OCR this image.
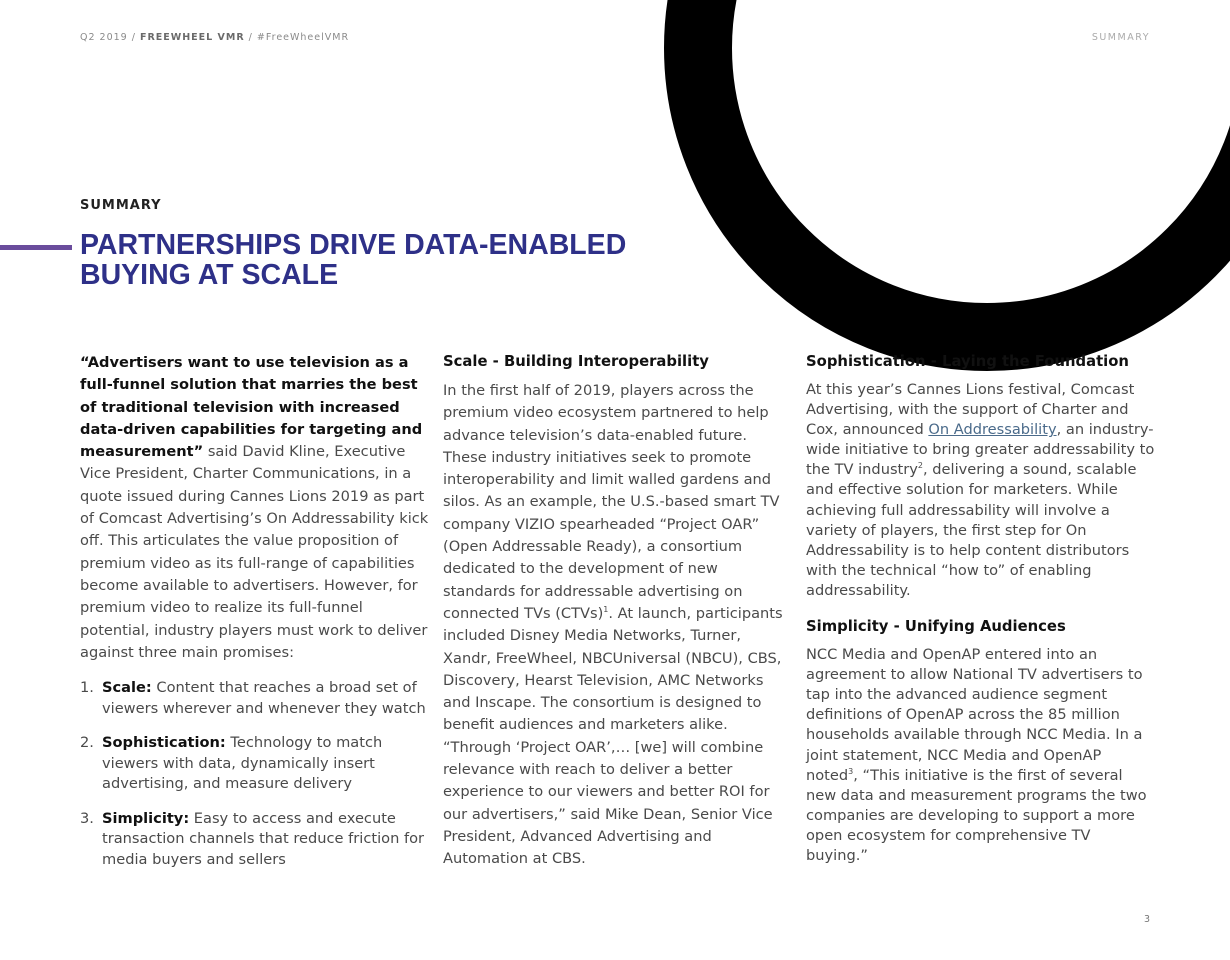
Q2 2019 / FREEWHEEL VMR / #FreeWheelVMR	SUMMARY
SUMMARY
PARTNERSHIPS DRIVE DATA-ENABLED BUYING AT SCALE

“Advertisers want to use television as a full-funnel solution that marries the best of traditional television with increased data-driven capabilities for targeting and measurement” said David Kline, Executive Vice President, Charter Communications, in a quote issued during Cannes Lions 2019 as part of Comcast Advertising’s On Addressability kick off. This articulates the value proposition of premium video as its full-range of capabilities become available to advertisers. However, for premium video to realize its full-funnel potential, industry players must work to deliver against three main promises:

1. Scale: Content that reaches a broad set of viewers wherever and whenever they watch
2. Sophistication: Technology to match viewers with data, dynamically insert advertising, and measure delivery
3. Simplicity: Easy to access and execute transaction channels that reduce friction for media buyers and sellers
Scale - Building Interoperability

In the first half of 2019, players across the premium video ecosystem partnered to help advance television’s data-enabled future. These industry initiatives seek to promote interoperability and limit walled gardens and silos. As an example, the U.S.-based smart TV company VIZIO spearheaded “Project OAR” (Open Addressable Ready), a consortium dedicated to the development of new standards for addressable advertising on connected TVs (CTVs)$^1$. At launch, participants included Disney Media Networks, Turner, Xandr, FreeWheel, NBCUniversal (NBCU), CBS, Discovery, Hearst Television, AMC Networks and Inscape. The consortium is designed to benefit audiences and marketers alike. “Through ‘Project OAR’,… [we] will combine relevance with reach to deliver a better experience to our viewers and better ROI for our advertisers,” said Mike Dean, Senior Vice President, Advanced Advertising and Automation at CBS.

Sophistication - Laying the Foundation

At this year’s Cannes Lions festival, Comcast Advertising, with the support of Charter and Cox, announced On Addressability, an industry-wide initiative to bring greater addressability to the TV industry$^2$, delivering a sound, scalable and effective solution for marketers. While achieving full addressability will involve a variety of players, the first step for On Addressability is to help content distributors with the technical “how to” of enabling addressability.

Simplicity - Unifying Audiences

NCC Media and OpenAP entered into an agreement to allow National TV advertisers to tap into the advanced audience segment definitions of OpenAP across the 85 million households available through NCC Media. In a joint statement, NCC Media and OpenAP noted$^3$, “This initiative is the first of several new data and measurement programs the two companies are developing to support a more open ecosystem for comprehensive TV buying.”

3
